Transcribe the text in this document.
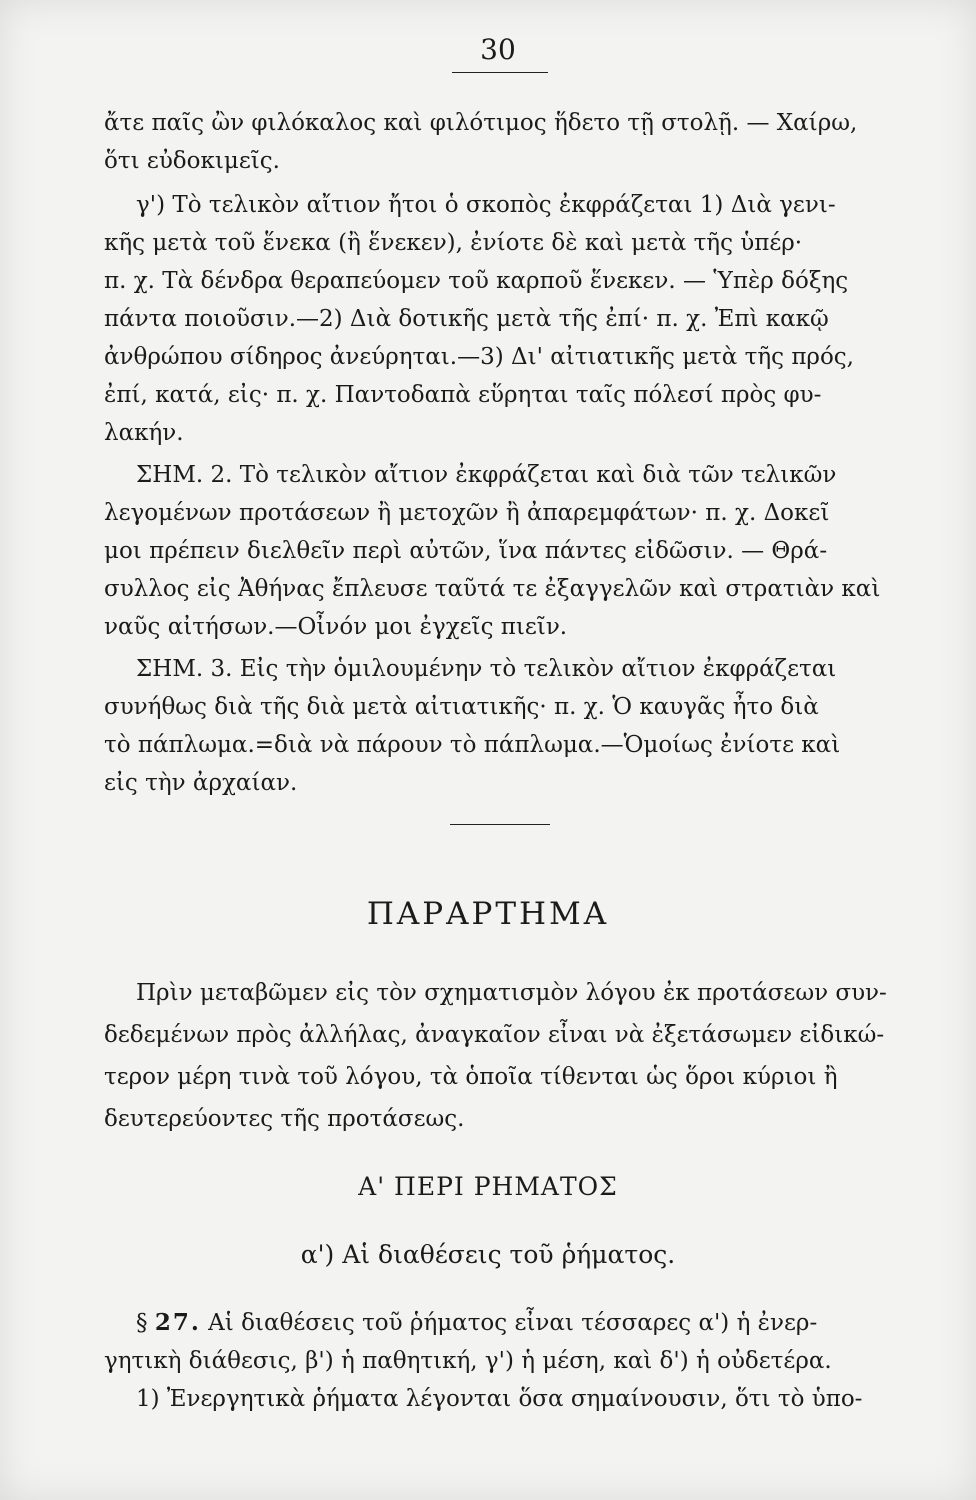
30
ἄτε παῖς ὢν φιλόκαλος καὶ φιλότιμος ἥδετο τῇ στολῇ. — Χαίρω,
ὅτι εὐδοκιμεῖς.
γ') Τὸ τελικὸν αἴτιον ἤτοι ὁ σκοπὸς ἐκφράζεται 1) Διὰ γενι-
κῆς μετὰ τοῦ ἕνεκα (ἢ ἕνεκεν), ἐνίοτε δὲ καὶ μετὰ τῆς ὑπέρ·
π. χ. Τὰ δένδρα θεραπεύομεν τοῦ καρποῦ ἕνεκεν. — Ὑπὲρ δόξης
πάντα ποιοῦσιν.—2) Διὰ δοτικῆς μετὰ τῆς ἐπί· π. χ. Ἐπὶ κακῷ
ἀνθρώπου σίδηρος ἀνεύρηται.—3) Δι' αἰτιατικῆς μετὰ τῆς πρός,
ἐπί, κατά, εἰς· π. χ. Παντοδαπὰ εὕρηται ταῖς πόλεσί πρὸς φυ-
λακήν.
ΣΗΜ. 2. Τὸ τελικὸν αἴτιον ἐκφράζεται καὶ διὰ τῶν τελικῶν
λεγομένων προτάσεων ἢ μετοχῶν ἢ ἀπαρεμφάτων· π. χ. Δοκεῖ
μοι πρέπειν διελθεῖν περὶ αὐτῶν, ἵνα πάντες εἰδῶσιν. — Θρά-
συλλος εἰς Ἀθήνας ἔπλευσε ταῦτά τε ἐξαγγελῶν καὶ στρατιὰν καὶ
ναῦς αἰτήσων.—Οἶνόν μοι ἐγχεῖς πιεῖν.
ΣΗΜ. 3. Εἰς τὴν ὁμιλουμένην τὸ τελικὸν αἴτιον ἐκφράζεται
συνήθως διὰ τῆς διὰ μετὰ αἰτιατικῆς· π. χ. Ὁ καυγᾶς ἦτο διὰ
τὸ πάπλωμα.=διὰ νὰ πάρουν τὸ πάπλωμα.—Ὁμοίως ἐνίοτε καὶ
εἰς τὴν ἀρχαίαν.
ΠΑΡΑΡΤΗΜΑ
Πρὶν μεταβῶμεν εἰς τὸν σχηματισμὸν λόγου ἐκ προτάσεων συν-
δεδεμένων πρὸς ἀλλήλας, ἀναγκαῖον εἶναι νὰ ἐξετάσωμεν εἰδικώ-
τερον μέρη τινὰ τοῦ λόγου, τὰ ὁποῖα τίθενται ὡς ὅροι κύριοι ἢ
δευτερεύοντες τῆς προτάσεως.
Α' ΠΕΡΙ ΡΗΜΑΤΟΣ
α') Αἱ διαθέσεις τοῦ ῥήματος.
§ 27. Αἱ διαθέσεις τοῦ ῥήματος εἶναι τέσσαρες α') ἡ ἐνερ-
γητικὴ διάθεσις, β') ἡ παθητική, γ') ἡ μέση, καὶ δ') ἡ οὐδετέρα.
1) Ἐνεργητικὰ ῥήματα λέγονται ὅσα σημαίνουσιν, ὅτι τὸ ὑπο-
